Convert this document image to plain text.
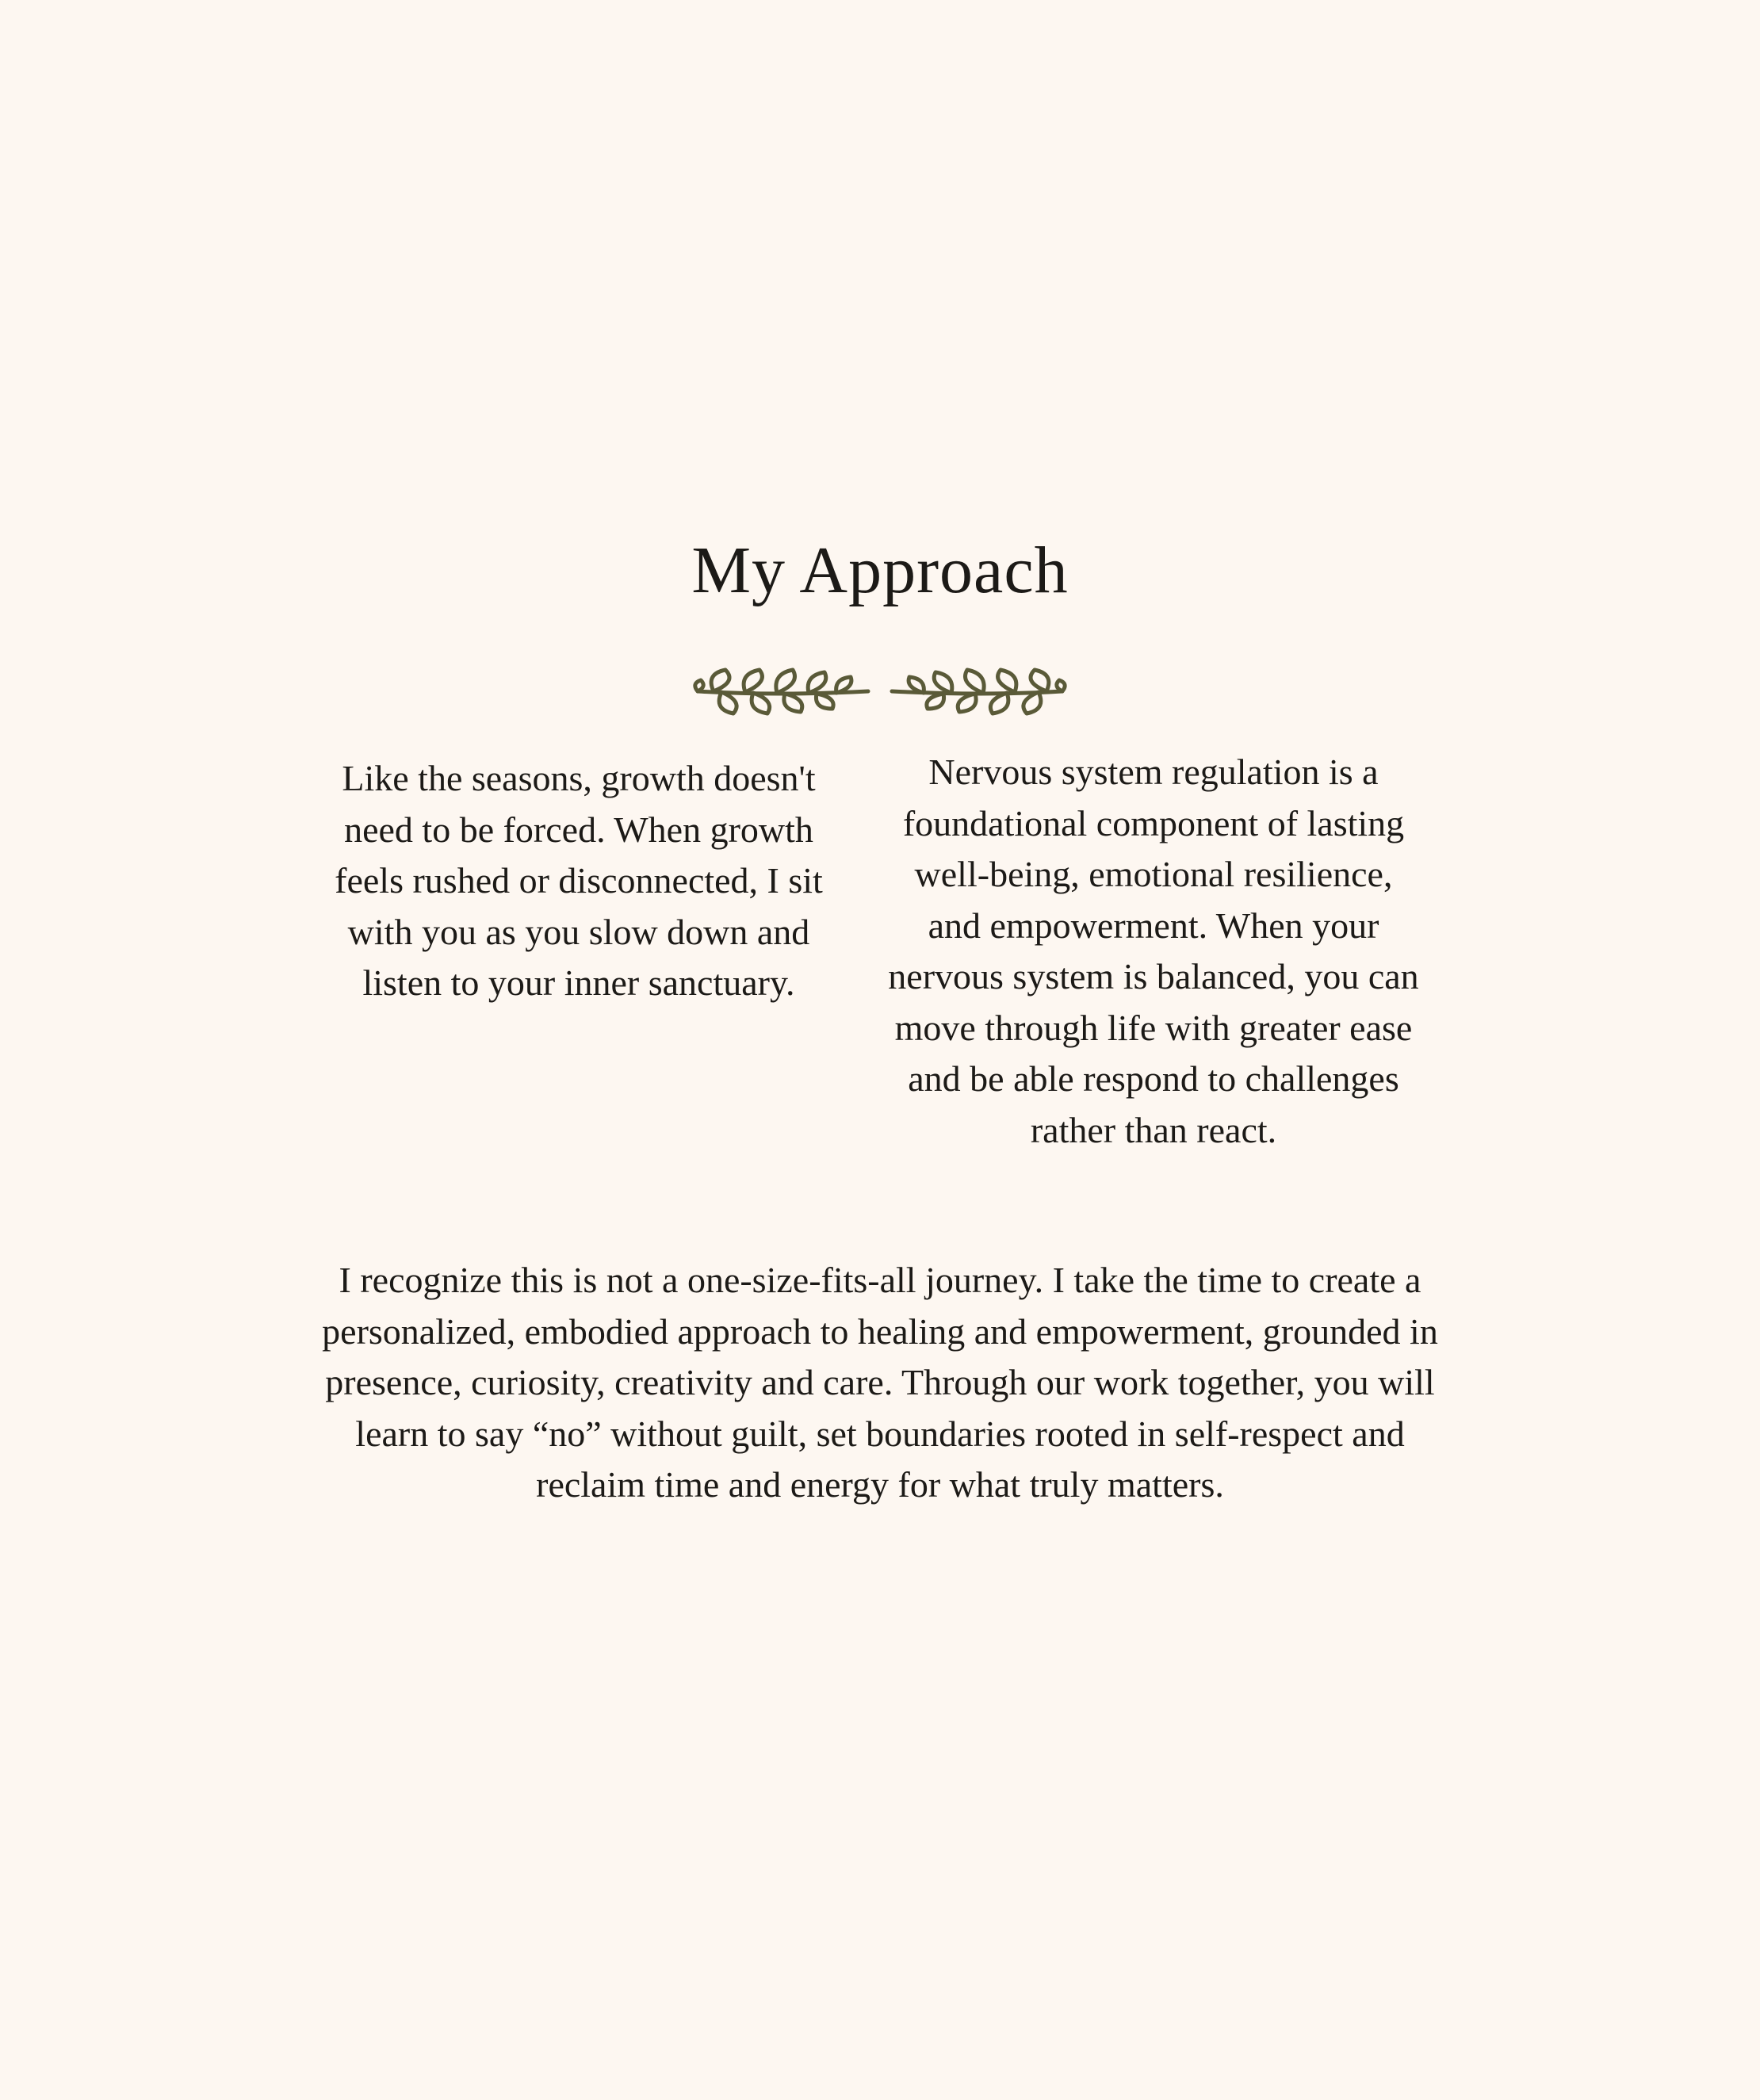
My Approach

Like the seasons, growth doesn't need to be forced. When growth feels rushed or disconnected, I sit with you as you slow down and listen to your inner sanctuary.

Nervous system regulation is a foundational component of lasting well-being, emotional resilience, and empowerment. When your nervous system is balanced, you can move through life with greater ease and be able respond to challenges rather than react.

I recognize this is not a one-size-fits-all journey. I take the time to create a personalized, embodied approach to healing and empowerment, grounded in presence, curiosity, creativity and care. Through our work together, you will learn to say “no” without guilt, set boundaries rooted in self-respect and reclaim time and energy for what truly matters.
